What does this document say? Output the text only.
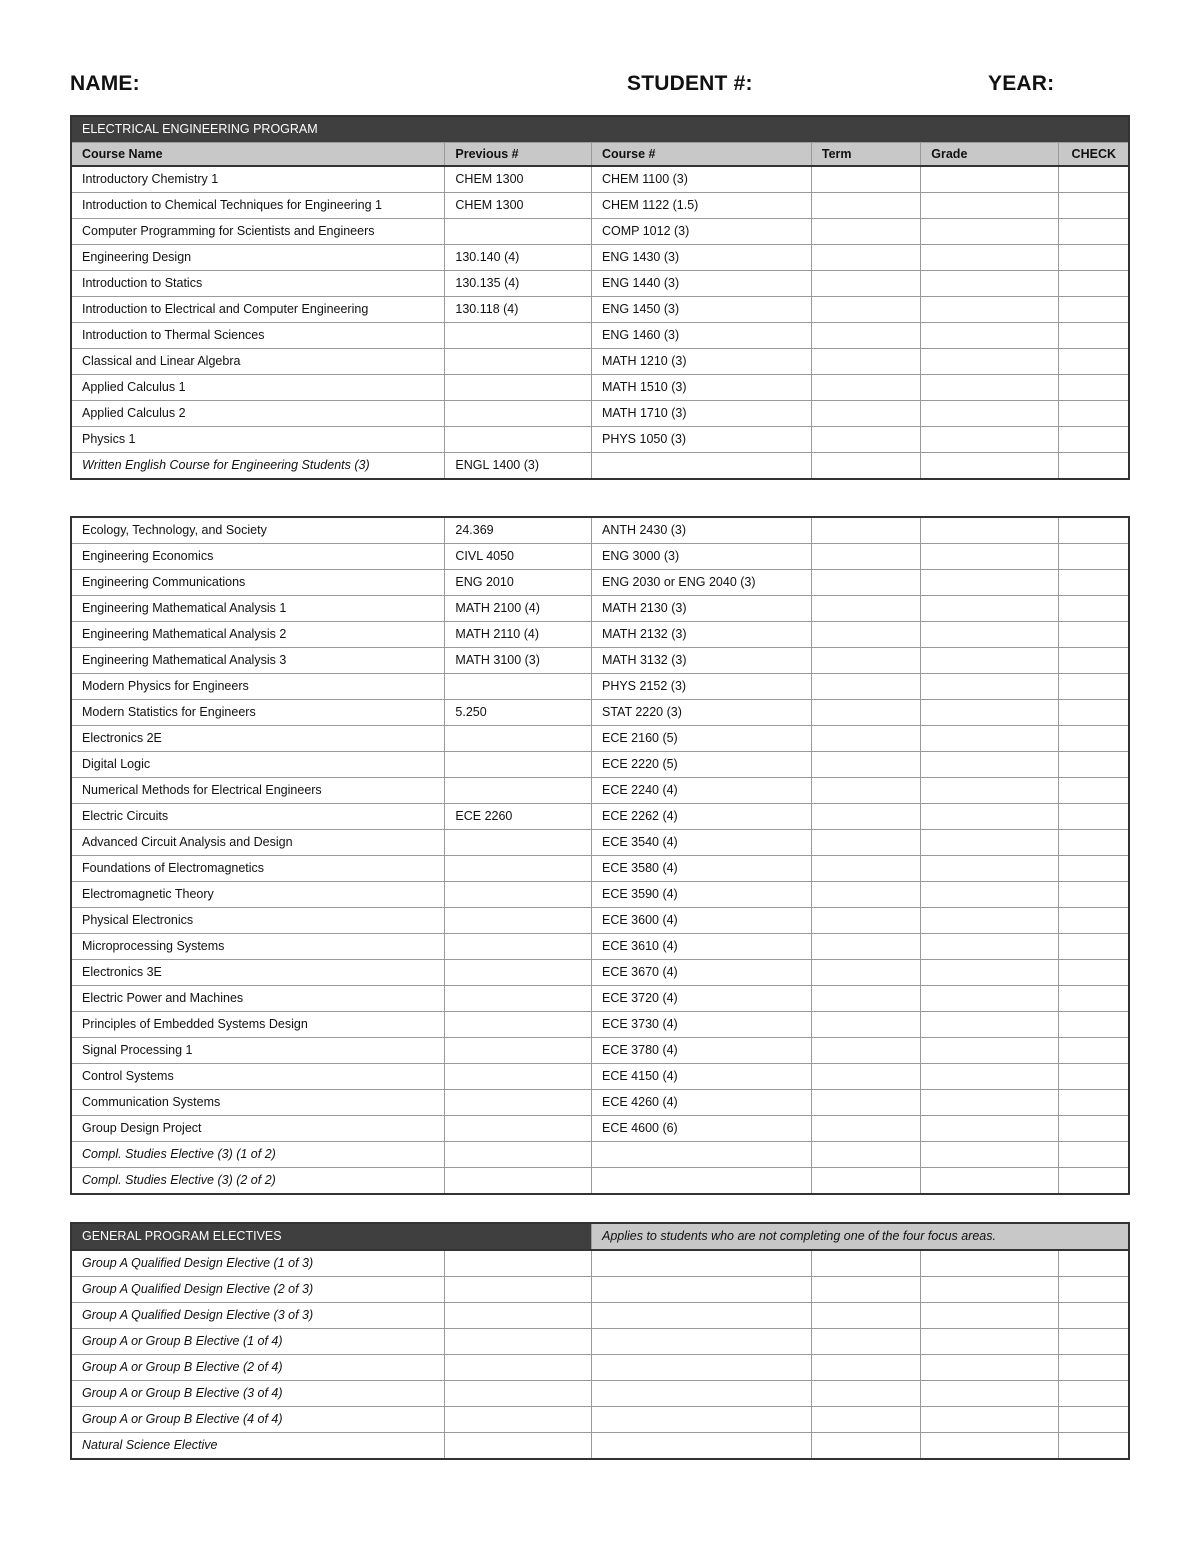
NAME:	STUDENT #:	YEAR:
ELECTRICAL ENGINEERING PROGRAM					
Course Name	Previous #	Course #	Term	Grade	CHECK
Introductory Chemistry 1	CHEM 1300	CHEM 1100 (3)			
Introduction to Chemical Techniques for Engineering 1	CHEM 1300	CHEM 1122 (1.5)			
Computer Programming for Scientists and Engineers		COMP 1012 (3)			
Engineering Design	130.140 (4)	ENG 1430 (3)			
Introduction to Statics	130.135 (4)	ENG 1440 (3)			
Introduction to Electrical and Computer Engineering	130.118 (4)	ENG 1450 (3)			
Introduction to Thermal Sciences		ENG 1460 (3)			
Classical and Linear Algebra		MATH 1210 (3)			
Applied Calculus 1		MATH 1510 (3)			
Applied Calculus 2		MATH 1710 (3)			
Physics 1		PHYS 1050 (3)			
Written English Course for Engineering Students (3)	ENGL 1400 (3)				
Ecology, Technology, and Society	24.369	ANTH 2430 (3)			
Engineering Economics	CIVL 4050	ENG 3000 (3)			
Engineering Communications	ENG 2010	ENG 2030 or ENG 2040 (3)			
Engineering Mathematical Analysis 1	MATH 2100 (4)	MATH 2130 (3)			
Engineering Mathematical Analysis 2	MATH 2110 (4)	MATH 2132 (3)			
Engineering Mathematical Analysis 3	MATH 3100 (3)	MATH 3132 (3)			
Modern Physics for Engineers		PHYS 2152 (3)			
Modern Statistics for Engineers	5.250	STAT 2220 (3)			
Electronics 2E		ECE 2160 (5)			
Digital Logic		ECE 2220 (5)			
Numerical Methods for Electrical Engineers		ECE 2240 (4)			
Electric Circuits	ECE 2260	ECE 2262 (4)			
Advanced Circuit Analysis and Design		ECE 3540 (4)			
Foundations of Electromagnetics		ECE 3580 (4)			
Electromagnetic Theory		ECE 3590 (4)			
Physical Electronics		ECE 3600 (4)			
Microprocessing Systems		ECE 3610 (4)			
Electronics 3E		ECE 3670 (4)			
Electric Power and Machines		ECE 3720 (4)			
Principles of Embedded Systems Design		ECE 3730 (4)			
Signal Processing 1		ECE 3780 (4)			
Control Systems		ECE 4150 (4)			
Communication Systems		ECE 4260 (4)			
Group Design Project		ECE 4600 (6)			
Compl. Studies Elective (3) (1 of 2)					
Compl. Studies Elective (3) (2 of 2)					
GENERAL PROGRAM ELECTIVES		Applies to students who are not completing one of the four focus areas.			
Group A Qualified Design Elective (1 of 3)					
Group A Qualified Design Elective (2 of 3)					
Group A Qualified Design Elective (3 of 3)					
Group A or Group B Elective (1 of 4)					
Group A or Group B Elective (2 of 4)					
Group A or Group B Elective (3 of 4)					
Group A or Group B Elective (4 of 4)					
Natural Science Elective					
